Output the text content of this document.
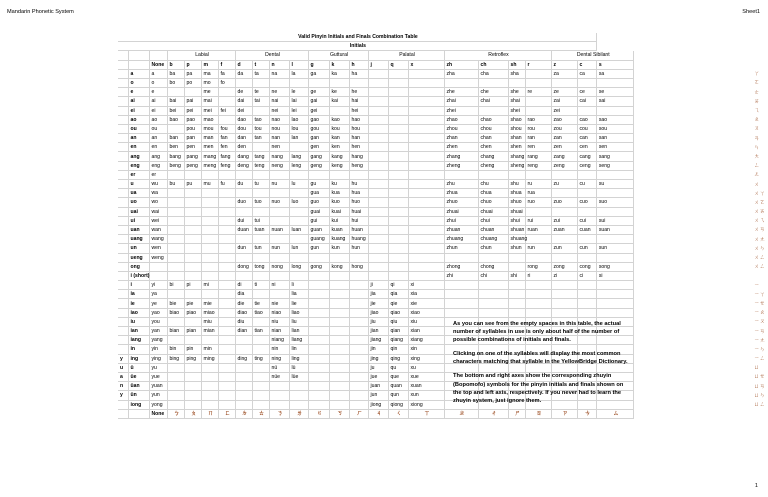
Mandarin Phonetic System	Sheet1
Valid Pinyin Initials and Finals Combination Table																							
Initials																							
			Labial				Dental				Guttural			Palatal			Retroflex				Dental Sibilant		
		None	b	p	m	f	d	t	n	l	g	k	h	j	q	x	zh	ch	sh	r	z	c	s
	a	a	ba	pa	ma	fa	da	ta	na	la	ga	ka	ha				zha	cha	sha		za	ca	sa
	o	o	bo	po	mo	fo																	
	e	e			me		de	te	ne	le	ge	ke	he				zhe	che	she	re	ze	ce	se
	ai	ai	bai	pai	mai		dai	tai	nai	lai	gai	kai	hai				zhai	chai	shai		zai	cai	sai
	ei	ei	bei	pei	mei	fei	dei		nei	lei	gei		hei				zhei		shei		zei		
	ao	ao	bao	pao	mao		dao	tao	nao	lao	gao	kao	hao				zhao	chao	shao	rao	zao	cao	sao
	ou	ou		pou	mou	fou	dou	tou	nou	lou	gou	kou	hou				zhou	chou	shou	rou	zou	cou	sou
	an	an	ban	pan	man	fan	dan	tan	nan	lan	gan	kan	han				zhan	chan	shan	ran	zan	can	san
	en	en	ben	pen	men	fen	den		nen		gen	ken	hen				zhen	chen	shen	ren	zen	cen	sen
	ang	ang	bang	pang	mang	fang	dang	tang	nang	lang	gang	kang	hang				zhang	chang	shang	rang	zang	cang	sang
	eng	eng	beng	peng	meng	feng	deng	teng	neng	leng	geng	keng	heng				zheng	cheng	sheng	reng	zeng	ceng	seng
	er	er																					
	u	wu	bu	pu	mu	fu	du	tu	nu	lu	gu	ku	hu				zhu	chu	shu	ru	zu	cu	su
	ua	wa									gua	kua	hua				zhua	chua	shua	rua			
	uo	wo					duo	tuo	nuo	luo	guo	kuo	huo				zhuo	chuo	shuo	ruo	zuo	cuo	suo
	uai	wai									guai	kuai	huai				zhuai	chuai	shuai				
	ui	wei					dui	tui			gui	kui	hui				zhui	chui	shui	rui	zui	cui	sui
	uan	wan					duan	tuan	nuan	luan	guan	kuan	huan				zhuan	chuan	shuan	ruan	zuan	cuan	suan
	uang	wang									guang	kuang	huang				zhuang	chuang	shuang				
	un	wen					dun	tun	nun	lun	gun	kun	hun				zhun	chun	shun	run	zun	cun	sun
	ueng	weng																					
	ong						dong	tong	nong	long	gong	kong	hong				zhong	chong		rong	zong	cong	song
	i (short)																zhi	chi	shi	ri	zi	ci	si
	i	yi	bi	pi	mi		di	ti	ni	li				ji	qi	xi							
	ia	ya					dia			lia				jia	qia	xia							
	ie	ye	bie	pie	mie		die	tie	nie	lie				jie	qie	xie							
	iao	yao	biao	piao	miao		diao	tiao	niao	liao				jiao	qiao	xiao							
	iu	you			miu		diu		niu	liu				jiu	qiu	xiu							
	ian	yan	bian	pian	mian		dian	tian	nian	lian				jian	qian	xian							
	iang	yang							niang	liang				jiang	qiang	xiang							
	in	yin	bin	pin	min				nin	lin				jin	qin	xin							
y	ing	ying	bing	ping	ming		ding	ting	ning	ling				jing	qing	xing							
u	ü	yu							nü	lü				ju	qu	xu							
a	üe	yue							nüe	lüe				jue	que	xue							
n	üan	yuan												juan	quan	xuan							
y	ün	yun												jun	qun	xun							
	iong	yong												jiong	qiong	xiong							
		None	ㄅ	ㄆ	ㄇ	ㄈ	ㄉ	ㄊ	ㄋ	ㄌ	ㄍ	ㄎ	ㄏ	ㄐ	ㄑ	ㄒ	ㄓ	ㄔ	ㄕ	ㄖ	ㄗ	ㄘ	ㄙ

As you can see from the empty spaces in this table, the actual number of syllables in use is only about half of the number of possible combinations of initials and finals.

Clicking on one of the syllables will display the most common characters matching that syllable in the YellowBridge Dictionary.

The bottom and right axes show the corresponding zhuyin (Bopomofo) symbols for the pinyin initials and finals shown on the top and left axis, respectively. If you never had to learn the zhuyin system, just ignore them.

1
ㄚ
ㄛ
ㄜ
ㄞ
ㄟ
ㄠ
ㄡ
ㄢ
ㄣ
ㄤ
ㄥ
ㄦ
ㄨ
ㄨㄚ
ㄨㄛ
ㄨㄞ
ㄨㄟ
ㄨㄢ
ㄨㄤ
ㄨㄣ
ㄨㄥ
ㄨㄥ
ㄧ
ㄧㄚ
ㄧㄝ
ㄧㄠ
ㄧㄡ
ㄧㄢ
ㄧㄤ
ㄧㄣ
ㄧㄥ
ㄩ
ㄩㄝ
ㄩㄢ
ㄩㄣ
ㄩㄥ
